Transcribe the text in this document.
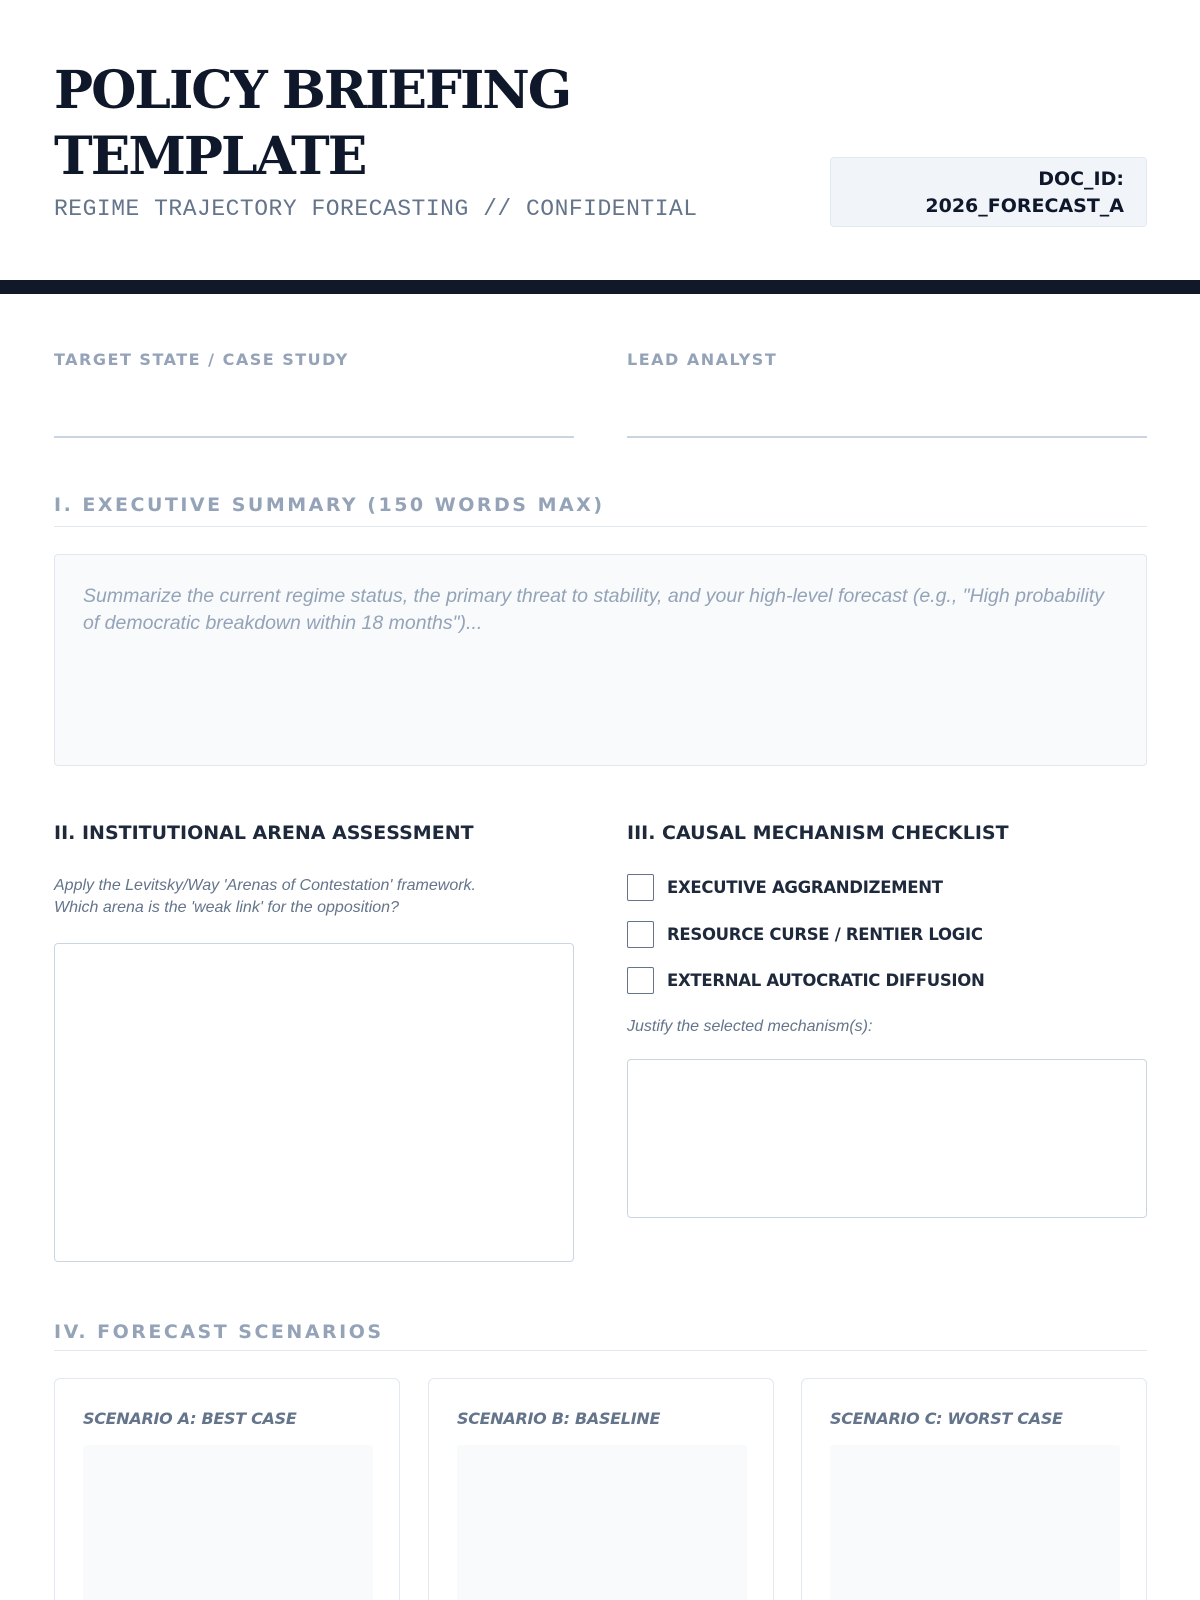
POLICY BRIEFING TEMPLATE
REGIME TRAJECTORY FORECASTING // CONFIDENTIAL
DOC_ID:
2026_FORECAST_A
TARGET STATE / CASE STUDY	LEAD ANALYST
I. EXECUTIVE SUMMARY (150 WORDS MAX)
Summarize the current regime status, the primary threat to stability, and your high-level forecast (e.g., "High probability of democratic breakdown within 18 months")...
II. INSTITUTIONAL ARENA ASSESSMENT
Apply the Levitsky/Way 'Arenas of Contestation' framework.
Which arena is the 'weak link' for the opposition?
III. CAUSAL MECHANISM CHECKLIST
EXECUTIVE AGGRANDIZEMENT
RESOURCE CURSE / RENTIER LOGIC
EXTERNAL AUTOCRATIC DIFFUSION
Justify the selected mechanism(s):
IV. FORECAST SCENARIOS
SCENARIO A: BEST CASE	SCENARIO B: BASELINE	SCENARIO C: WORST CASE
